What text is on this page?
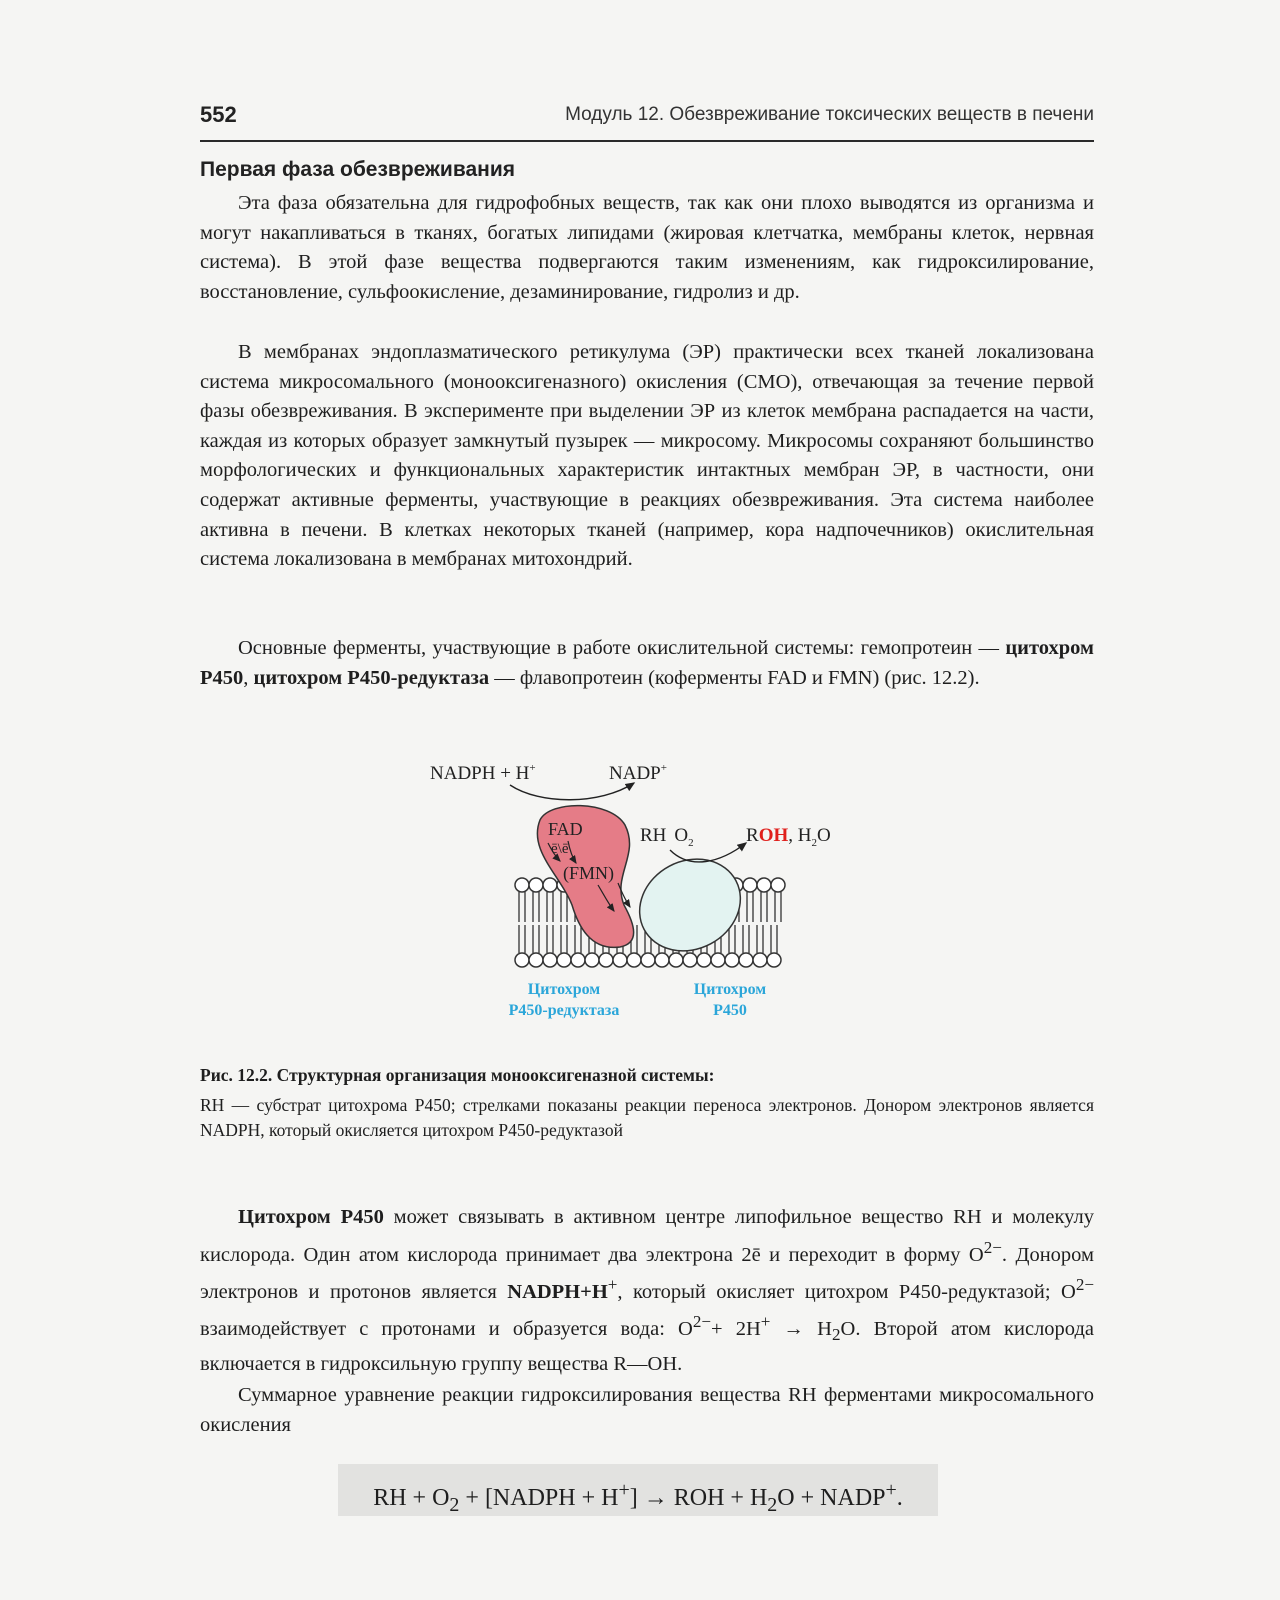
552	Модуль 12. Обезвреживание токсических веществ в печени
Первая фаза обезвреживания

Эта фаза обязательна для гидрофобных веществ, так как они плохо выводятся из организма и могут накапливаться в тканях, богатых липидами (жировая клетчатка, мембраны клеток, нервная система). В этой фазе вещества подвергаются таким изменениям, как гидроксилирование, восстановление, сульфоокисление, дезаминирование, гидролиз и др.

В мембранах эндоплазматического ретикулума (ЭР) практически всех тканей локализована система микросомального (монооксигеназного) окисления (СМО), отвечающая за течение первой фазы обезвреживания. В эксперименте при выделении ЭР из клеток мембрана распадается на части, каждая из которых образует замкнутый пузырек — микросому. Микросомы сохраняют большинство морфологических и функциональных характеристик интактных мембран ЭР, в частности, они содержат активные ферменты, участвующие в реакциях обезвреживания. Эта система наиболее активна в печени. В клетках некоторых тканей (например, кора надпочечников) окислительная система локализована в мембранах митохондрий.

Основные ферменты, участвующие в работе окислительной системы: гемопротеин — цитохром P450, цитохром P450-редуктаза — флавопротеин (коферменты FAD и FMN) (рис. 12.2).

NADPH + H+	NADP+
FAD
ē\ē
(FMN)
RH $O_2$	ROH, $H_2O$
Цитохром
P450-редуктаза
Цитохром
P450
Рис. 12.2. Структурная организация монооксигеназной системы:
RH — субстрат цитохрома P450; стрелками показаны реакции переноса электронов. Донором электронов является NADPH, который окисляется цитохром P450-редуктазой

Цитохром P450 может связывать в активном центре липофильное вещество RH и молекулу кислорода. Один атом кислорода принимает два электрона 2ē и переходит в форму $O^{2-}$. Донором электронов и протонов является NADPH+H+, который окисляет цитохром P450-редуктазой; $O^{2-}$ взаимодействует с протонами и образуется вода: $O^{2-}+ 2H^+ \to H_2O$. Второй атом кислорода включается в гидроксильную группу вещества R—OH.

Суммарное уравнение реакции гидроксилирования вещества RH ферментами микросомального окисления

RH + $O_2$ + [NADPH + H+] → ROH + $H_2O$ + NADP+.
